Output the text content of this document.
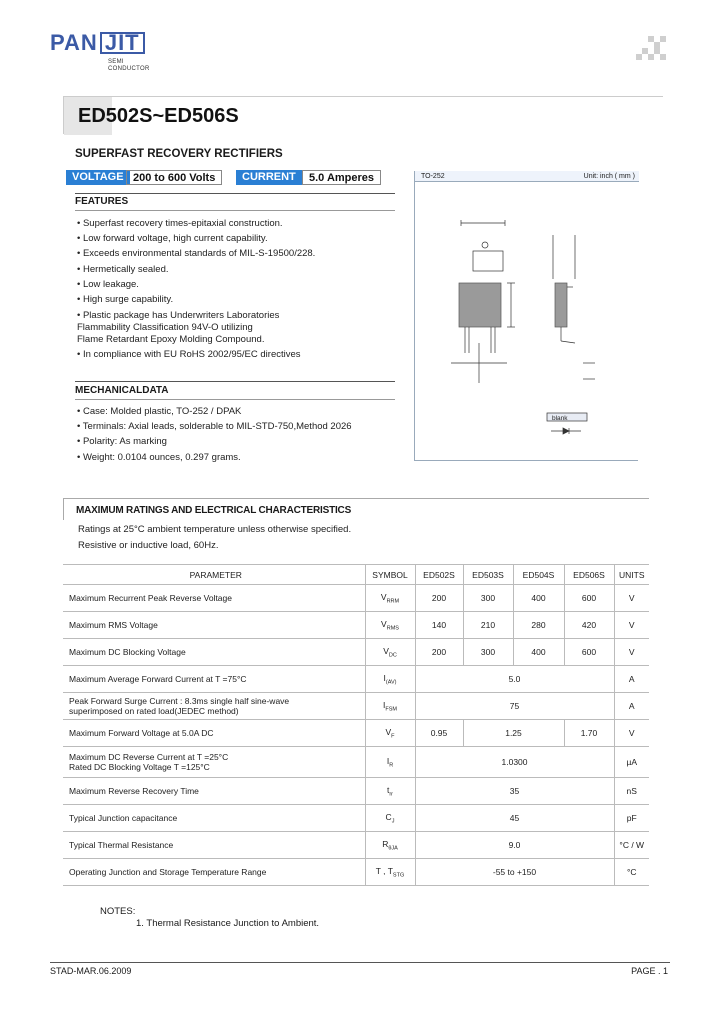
PAN JIT
SEMI
CONDUCTOR
ED502S~ED506S
SUPERFAST RECOVERY RECTIFIERS
VOLTAGE 200 to 600 Volts	CURRENT	5.0 Amperes
FEATURES
• Superfast recovery times-epitaxial construction.
• Low forward voltage, high current capability.
• Exceeds environmental standards of MIL-S-19500/228.
• Hermetically sealed.
• Low leakage.
• High surge capability.
• Plastic package has Underwriters Laboratories
Flammability Classification 94V-O utilizing
Flame Retardant Epoxy Molding Compound.
• In compliance with EU RoHS 2002/95/EC directives
MECHANICALDATA
• Case: Molded plastic, TO-252 / DPAK
• Terminals: Axial leads, solderable to MIL-STD-750,Method 2026
• Polarity: As marking
• Weight: 0.0104 ounces, 0.297 grams.
TO-252	Unit: inch ( mm )
blank
MAXIMUM RATINGS AND ELECTRICAL CHARACTERISTICS
Ratings at 25°C ambient temperature unless otherwise specified.
Resistive or inductive load, 60Hz.
PARAMETER	SYMBOL	ED502S	ED503S	ED504S	ED506S	UNITS
Maximum Recurrent Peak Reverse Voltage	$V_{RRM}$	200	300	400	600	V
Maximum RMS Voltage	$V_{RMS}$	140	210	280	420	V
Maximum DC Blocking Voltage	$V_{DC}$	200	300	400	600	V
Maximum Average Forward Current at T =75°C	$I_{(AV)}$	5.0				A

Peak Forward Surge Current : 8.3ms single half sine-wave
superimposed on rated load(JEDEC method)	$I_{FSM}$	75				A
Maximum Forward Voltage at 5.0A DC	$V_F$	0.95	1.25		1.70	V

Maximum DC Reverse Current at T =25°C
Rated DC Blocking Voltage T =125°C	$I_R$	1.0300				µA
Maximum Reverse Recovery Time	$t_{rr}$	35				nS
Typical Junction capacitance	$C_J$	45				pF
Typical Thermal Resistance	$R_{\theta JA}$	9.0				°C / W
Operating Junction and Storage Temperature Range	T , $T_{STG}$	-55 to +150				°C
NOTES:
1. Thermal Resistance Junction to Ambient.
STAD-MAR.06.2009	PAGE . 1
